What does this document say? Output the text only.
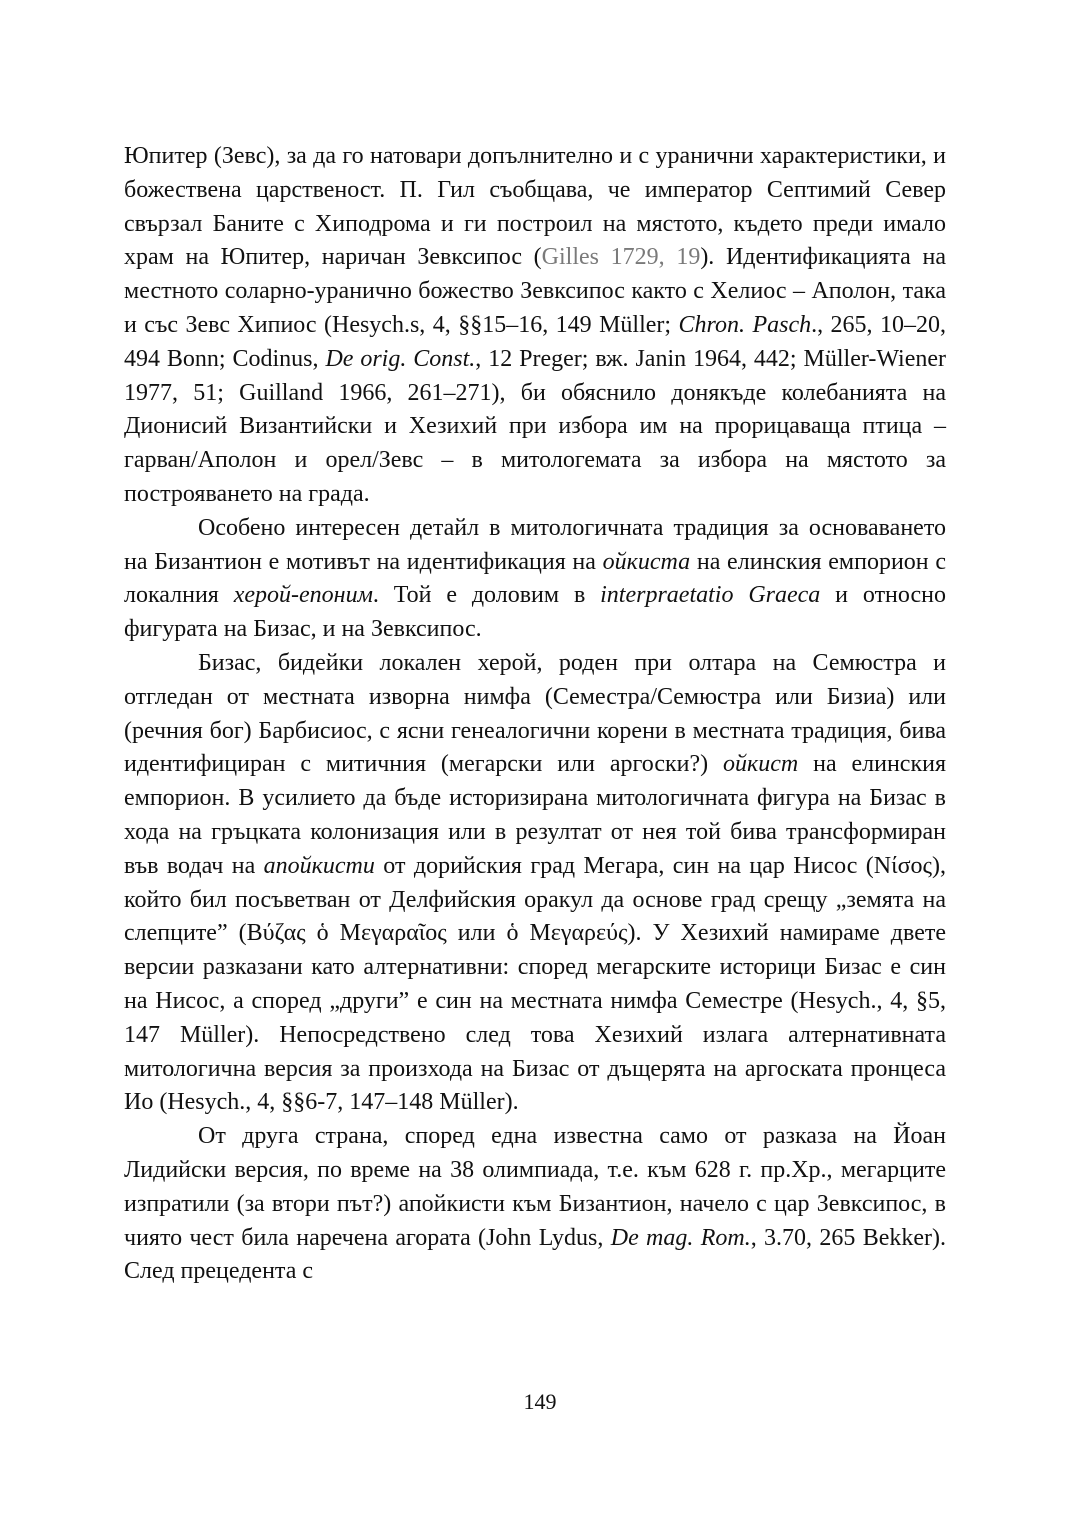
Юпитер (Зевс), за да го натовари допълнително и с уранични характеристики, и божествена царственост. П. Гил съобщава, че император Септимий Север свързал Баните с Хиподрома и ги построил на мястото, където преди имало храм на Юпитер, наричан Зевксипос (Gilles 1729, 19). Идентификацията на местното соларно-уранично божество Зевксипос както с Хелиос – Аполон, така и със Зевс Хипиос (Hesych.s, 4, §§15–16, 149 Müller; Chron. Pasch., 265, 10–20, 494 Bonn; Codinus, De orig. Const., 12 Preger; вж. Janin 1964, 442; Müller-Wiener 1977, 51; Guilland 1966, 261–271), би обяснило донякъде колебанията на Дионисий Византийски и Хезихий при избора им на прорицаваща птица – гарван/Аполон и орел/Зевс – в митологемата за избора на мястото за построяването на града.

Особено интересен детайл в митологичната традиция за основаването на Бизантион е мотивът на идентификация на ойкиста на елинския емпорион с локалния херой-епоним. Той е доловим в interpraetatio Graeca и относно фигурата на Бизас, и на Зевксипос.

Бизас, бидейки локален херой, роден при олтара на Семюстра и отгледан от местната изворна нимфа (Семестра/Семюстра или Бизиа) или (речния бог) Барбисиос, с ясни генеалогични корени в местната традиция, бива идентифициран с митичния (мегарски или аргоски?) ойкист на елинския емпорион. В усилието да бъде историзирана митологичната фигура на Бизас в хода на гръцката колонизация или в резултат от нея той бива трансформиран във водач на апойкисти от дорийския град Мегара, син на цар Нисос (Νίσος), който бил посъветван от Делфийския оракул да основе град срещу „земята на слепците” (Βύζας ὁ Μεγαραῖος или ὁ Μεγαρεύς). У Хезихий намираме двете версии разказани като алтернативни: според мегарските историци Бизас е син на Нисос, а според „други” е син на местната нимфа Семестре (Hesych., 4, §5, 147 Müller). Непосредствено след това Хезихий излага алтернативната митологична версия за произхода на Бизас от дъщерята на аргоската пронцеса Ио (Hesych., 4, §§6-7, 147–148 Müller).

От друга страна, според една известна само от разказа на Йоан Лидийски версия, по време на 38 олимпиада, т.е. към 628 г. пр.Хр., мегарците изпратили (за втори път?) апойкисти към Бизантион, начело с цар Зевксипос, в чиято чест била наречена агората (John Lydus, De mag. Rom., 3.70, 265 Bekker). След прецедента с

149
